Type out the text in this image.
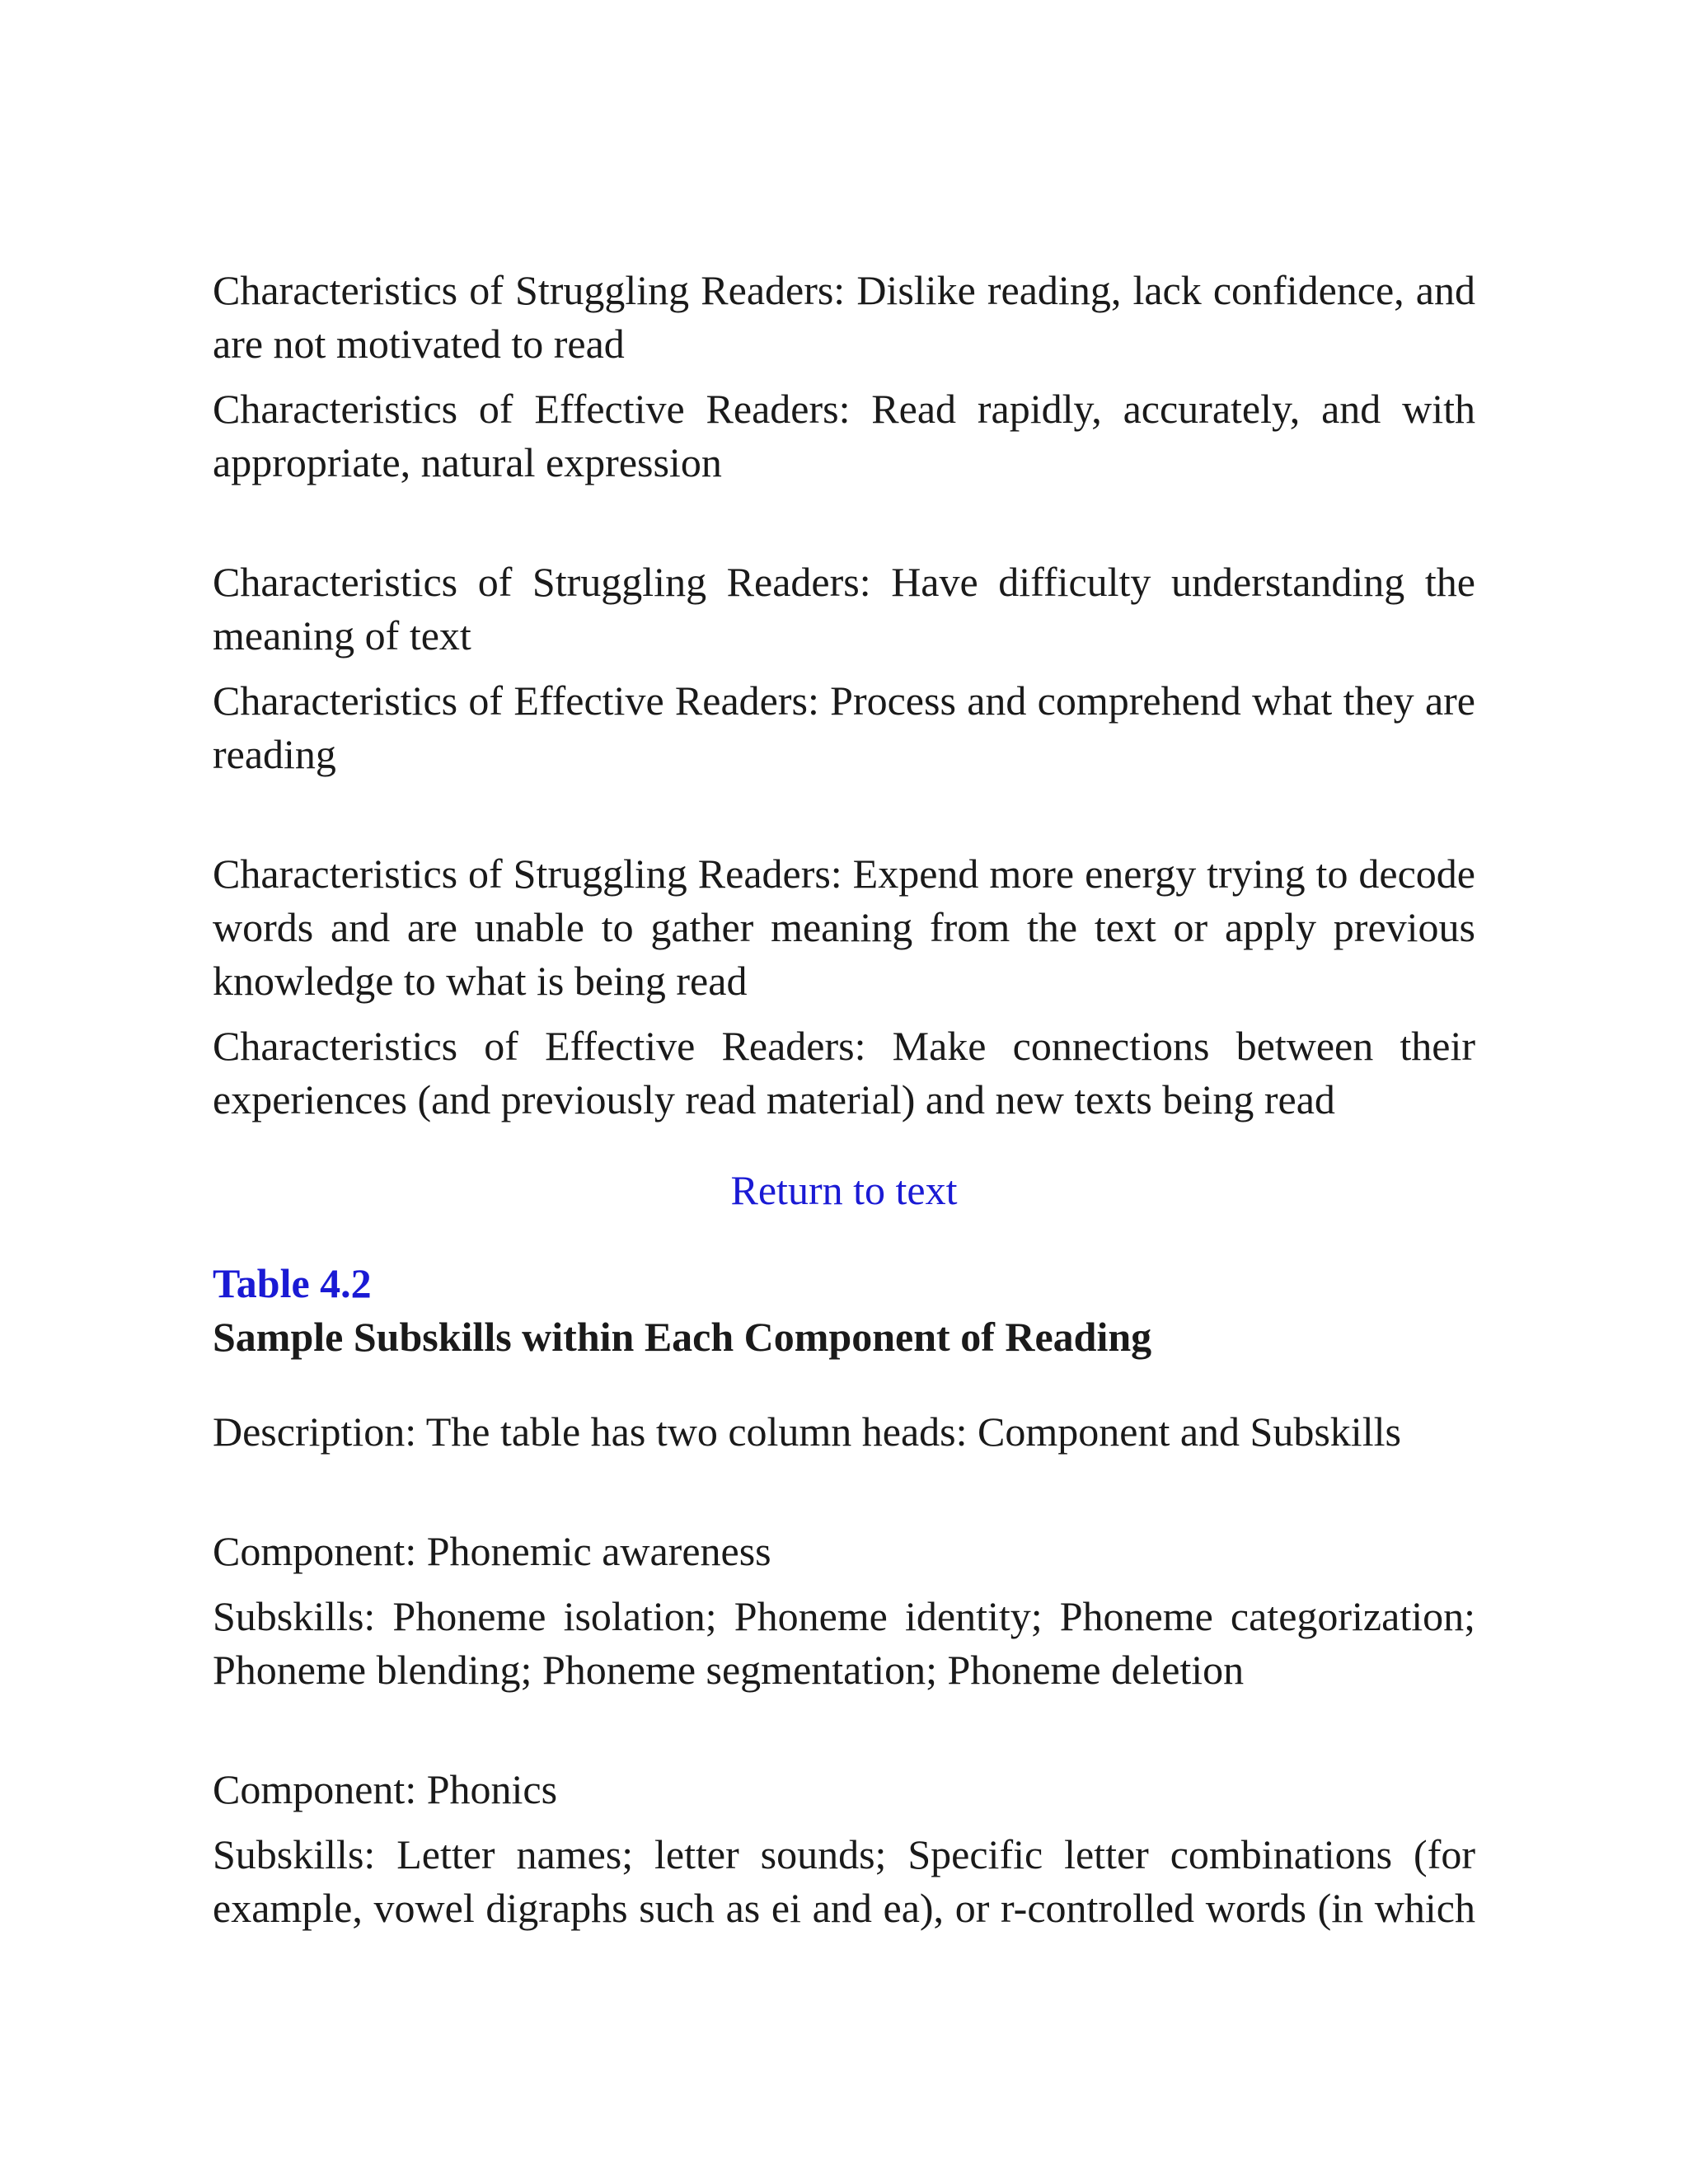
Characteristics of Struggling Readers: Dislike reading, lack confidence, and are not motivated to read

Characteristics of Effective Readers: Read rapidly, accurately, and with appropriate, natural expression

Characteristics of Struggling Readers: Have difficulty understanding the meaning of text

Characteristics of Effective Readers: Process and comprehend what they are reading

Characteristics of Struggling Readers: Expend more energy trying to decode words and are unable to gather meaning from the text or apply previous knowledge to what is being read

Characteristics of Effective Readers: Make connections between their experiences (and previously read material) and new texts being read

Return to text

Table 4.2

Sample Subskills within Each Component of Reading

Description: The table has two column heads: Component and Subskills

Component: Phonemic awareness

Subskills: Phoneme isolation; Phoneme identity; Phoneme categorization; Phoneme blending; Phoneme segmentation; Phoneme deletion

Component: Phonics

Subskills: Letter names; letter sounds; Specific letter combinations (for example, vowel digraphs such as ei and ea), or r-controlled words (in which
